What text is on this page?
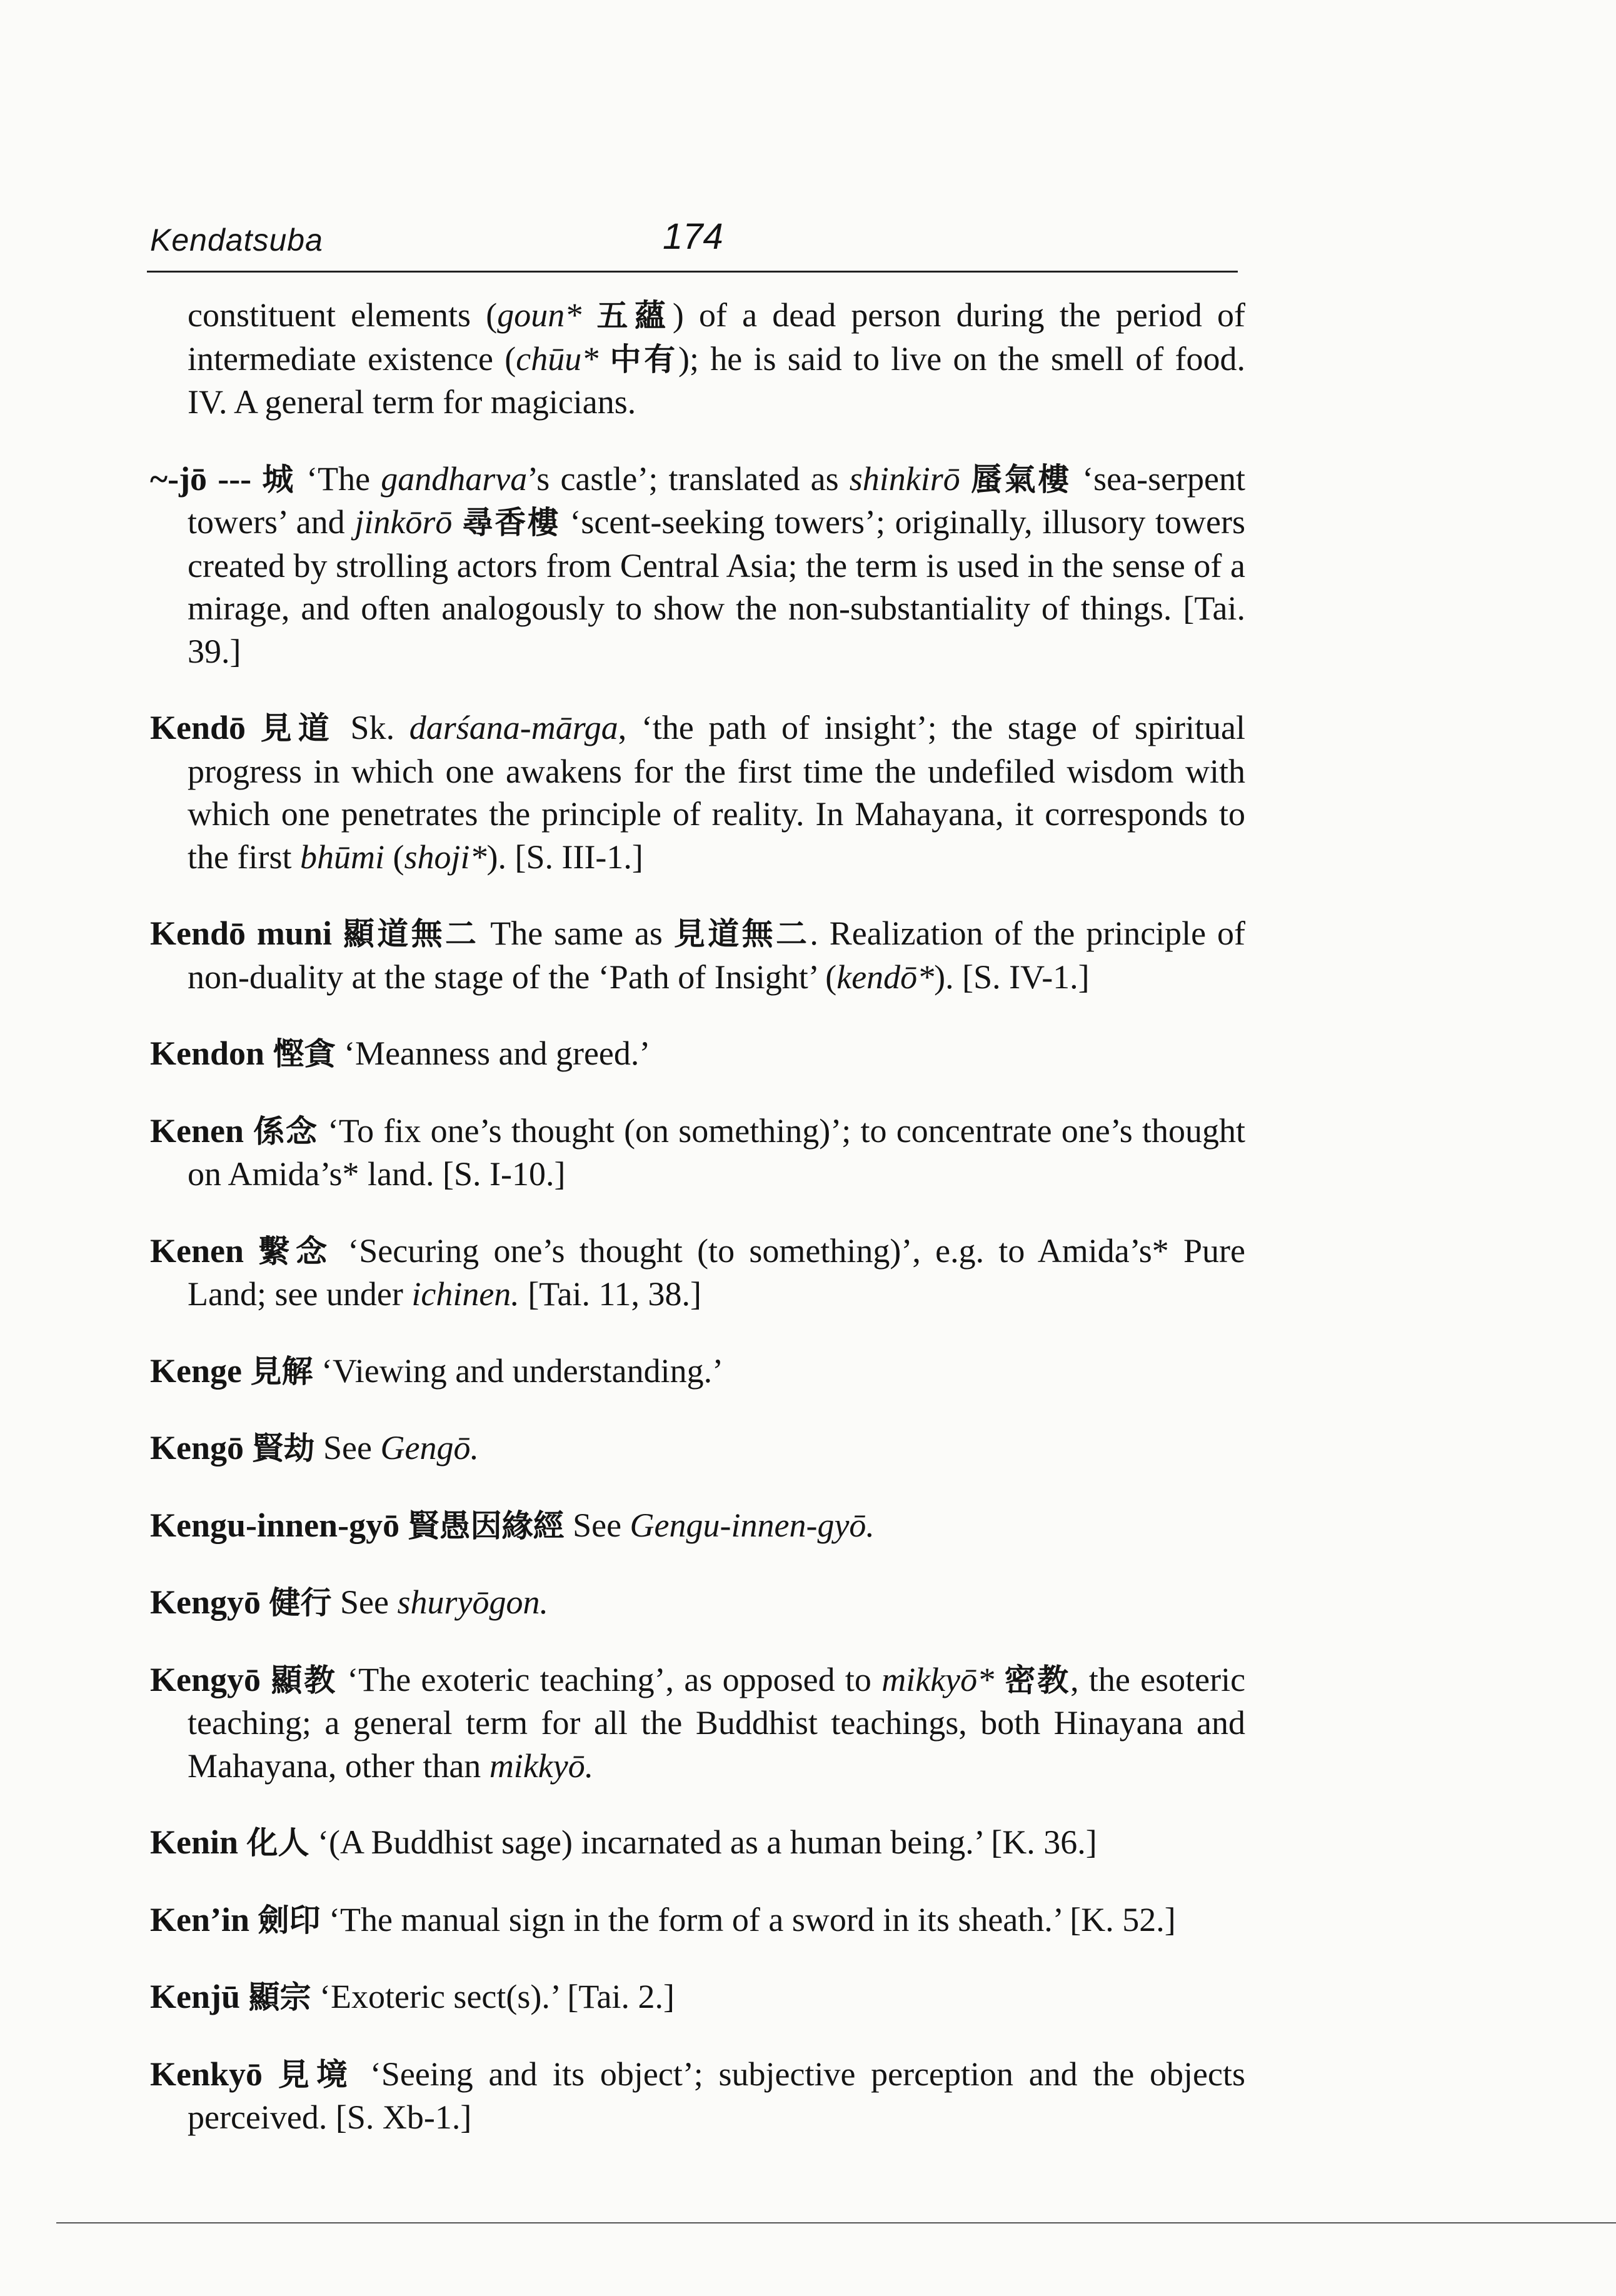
Kendatsuba	174

constituent elements (goun* 五蘊) of a dead person during the period of intermediate existence (chūu* 中有); he is said to live on the smell of food. IV. A general term for magicians.

~-jō --- 城 ‘The gandharva’s castle’; translated as shinkirō 蜃氣樓 ‘sea-serpent towers’ and jinkōrō 尋香樓 ‘scent-seeking towers’; originally, illusory towers created by strolling actors from Central Asia; the term is used in the sense of a mirage, and often analogously to show the non-substantiality of things. [Tai. 39.]

Kendō 見道 Sk. darśana-mārga, ‘the path of insight’; the stage of spiritual progress in which one awakens for the first time the undefiled wisdom with which one penetrates the principle of reality. In Mahayana, it corresponds to the first bhūmi (shoji*). [S. III-1.]

Kendō muni 顯道無二 The same as 見道無二. Realization of the principle of non-duality at the stage of the ‘Path of Insight’ (kendō*). [S. IV-1.]

Kendon 慳貪 ‘Meanness and greed.’

Kenen 係念 ‘To fix one’s thought (on something)’; to concentrate one’s thought on Amida’s* land. [S. I-10.]

Kenen 繫念 ‘Securing one’s thought (to something)’, e.g. to Amida’s* Pure Land; see under ichinen. [Tai. 11, 38.]

Kenge 見解 ‘Viewing and understanding.’

Kengō 賢劫 See Gengō.

Kengu-innen-gyō 賢愚因緣經 See Gengu-innen-gyō.

Kengyō 健行 See shuryōgon.

Kengyō 顯教 ‘The exoteric teaching’, as opposed to mikkyō* 密教, the esoteric teaching; a general term for all the Buddhist teachings, both Hinayana and Mahayana, other than mikkyō.

Kenin 化人 ‘(A Buddhist sage) incarnated as a human being.’ [K. 36.]

Ken’in 劍印 ‘The manual sign in the form of a sword in its sheath.’ [K. 52.]

Kenjū 顯宗 ‘Exoteric sect(s).’ [Tai. 2.]

Kenkyō 見境 ‘Seeing and its object’; subjective perception and the objects perceived. [S. Xb-1.]
